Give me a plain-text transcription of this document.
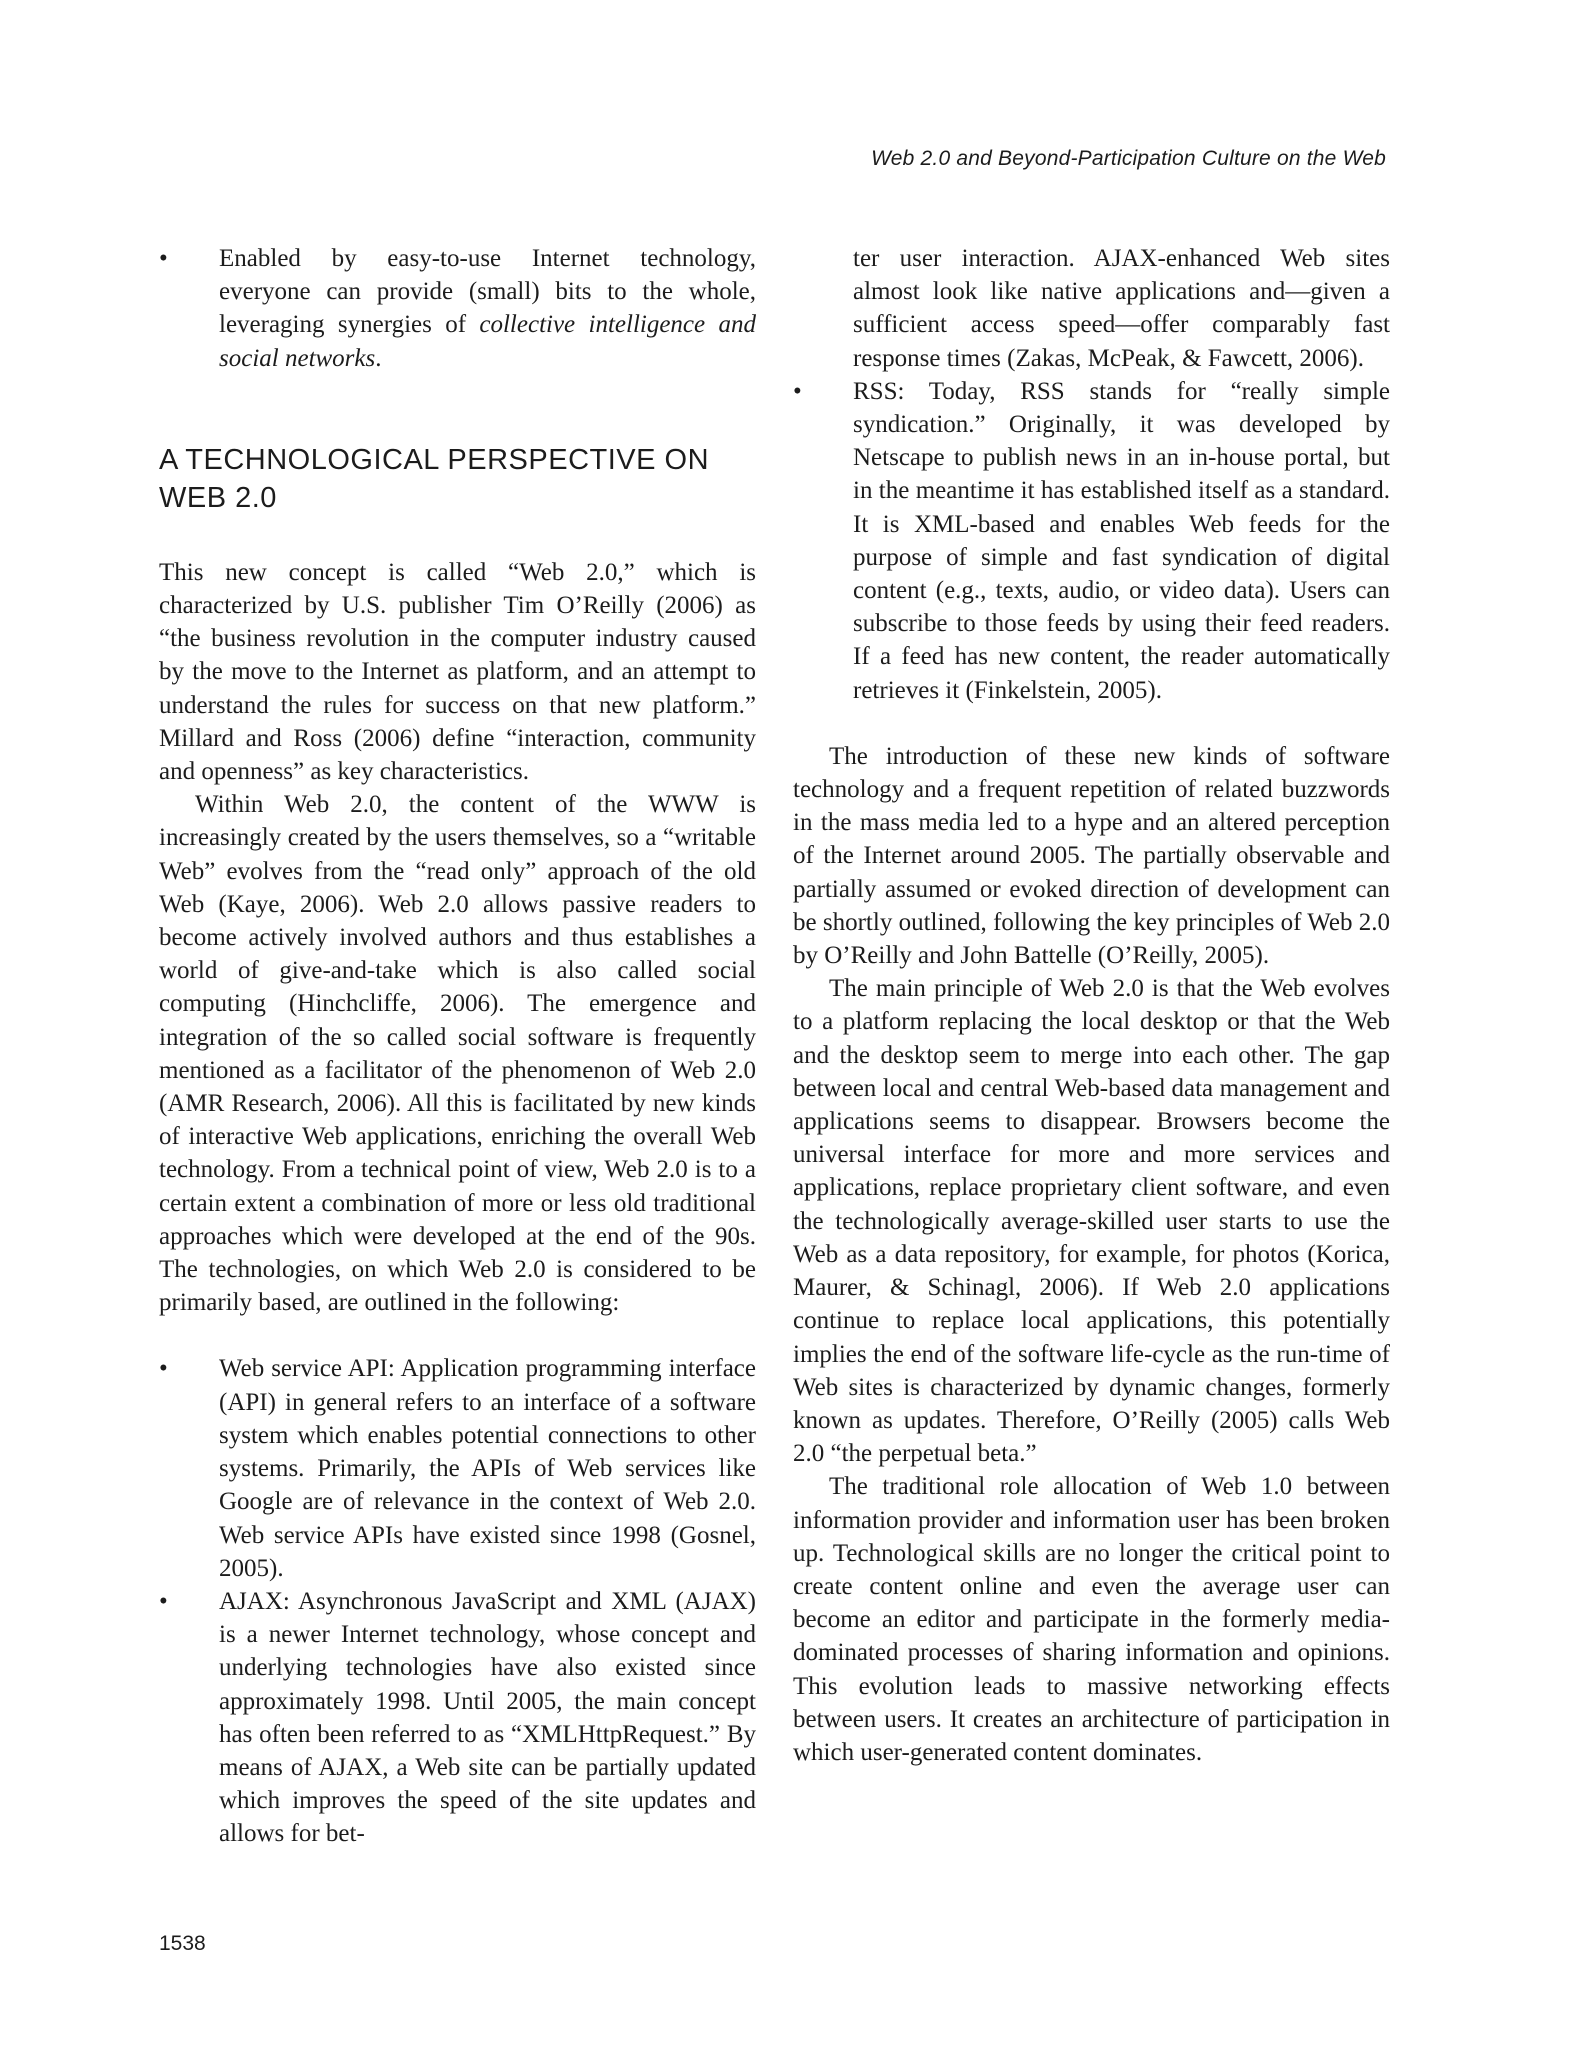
Web 2.0 and Beyond-Participation Culture on the Web
• Enabled by easy-to-use Internet technology, everyone can provide (small) bits to the whole, leveraging synergies of collective intelligence and social networks.
A TECHNOLOGICAL PERSPECTIVE ON WEB 2.0

This new concept is called “Web 2.0,” which is characterized by U.S. publisher Tim O’Reilly (2006) as “the business revolution in the computer industry caused by the move to the Internet as platform, and an attempt to understand the rules for success on that new platform.” Millard and Ross (2006) define “interaction, community and openness” as key characteristics.

Within Web 2.0, the content of the WWW is increasingly created by the users themselves, so a “writable Web” evolves from the “read only” approach of the old Web (Kaye, 2006). Web 2.0 allows passive readers to become actively involved authors and thus establishes a world of give-and-take which is also called social computing (Hinchcliffe, 2006). The emergence and integration of the so called social software is frequently mentioned as a facilitator of the phenomenon of Web 2.0 (AMR Research, 2006). All this is facilitated by new kinds of interactive Web applications, enriching the overall Web technology. From a technical point of view, Web 2.0 is to a certain extent a combination of more or less old traditional approaches which were developed at the end of the 90s. The technologies, on which Web 2.0 is considered to be primarily based, are outlined in the following:

• Web service API: Application programming interface (API) in general refers to an interface of a software system which enables potential connections to other systems. Primarily, the APIs of Web services like Google are of relevance in the context of Web 2.0. Web service APIs have existed since 1998 (Gosnel, 2005).
• AJAX: Asynchronous JavaScript and XML (AJAX) is a newer Internet technology, whose concept and underlying technologies have also existed since approximately 1998. Until 2005, the main concept has often been referred to as “XMLHttpRequest.” By means of AJAX, a Web site can be partially updated which improves the speed of the site updates and allows for bet-
ter user interaction. AJAX-enhanced Web sites almost look like native applications and—given a sufficient access speed—offer comparably fast response times (Zakas, McPeak, & Fawcett, 2006).
• RSS: Today, RSS stands for “really simple syndication.” Originally, it was developed by Netscape to publish news in an in-house portal, but in the meantime it has established itself as a standard. It is XML-based and enables Web feeds for the purpose of simple and fast syndication of digital content (e.g., texts, audio, or video data). Users can subscribe to those feeds by using their feed readers. If a feed has new content, the reader automatically retrieves it (Finkelstein, 2005).

The introduction of these new kinds of software technology and a frequent repetition of related buzzwords in the mass media led to a hype and an altered perception of the Internet around 2005. The partially observable and partially assumed or evoked direction of development can be shortly outlined, following the key principles of Web 2.0 by O’Reilly and John Battelle (O’Reilly, 2005).

The main principle of Web 2.0 is that the Web evolves to a platform replacing the local desktop or that the Web and the desktop seem to merge into each other. The gap between local and central Web-based data management and applications seems to disappear. Browsers become the universal interface for more and more services and applications, replace proprietary client software, and even the technologically average-skilled user starts to use the Web as a data repository, for example, for photos (Korica, Maurer, & Schinagl, 2006). If Web 2.0 applications continue to replace local applications, this potentially implies the end of the software life-cycle as the run-time of Web sites is characterized by dynamic changes, formerly known as updates. Therefore, O’Reilly (2005) calls Web 2.0 “the perpetual beta.”

The traditional role allocation of Web 1.0 between information provider and information user has been broken up. Technological skills are no longer the critical point to create content online and even the average user can become an editor and participate in the formerly media-dominated processes of sharing information and opinions. This evolution leads to massive networking effects between users. It creates an architecture of participation in which user-generated content dominates.

1538
